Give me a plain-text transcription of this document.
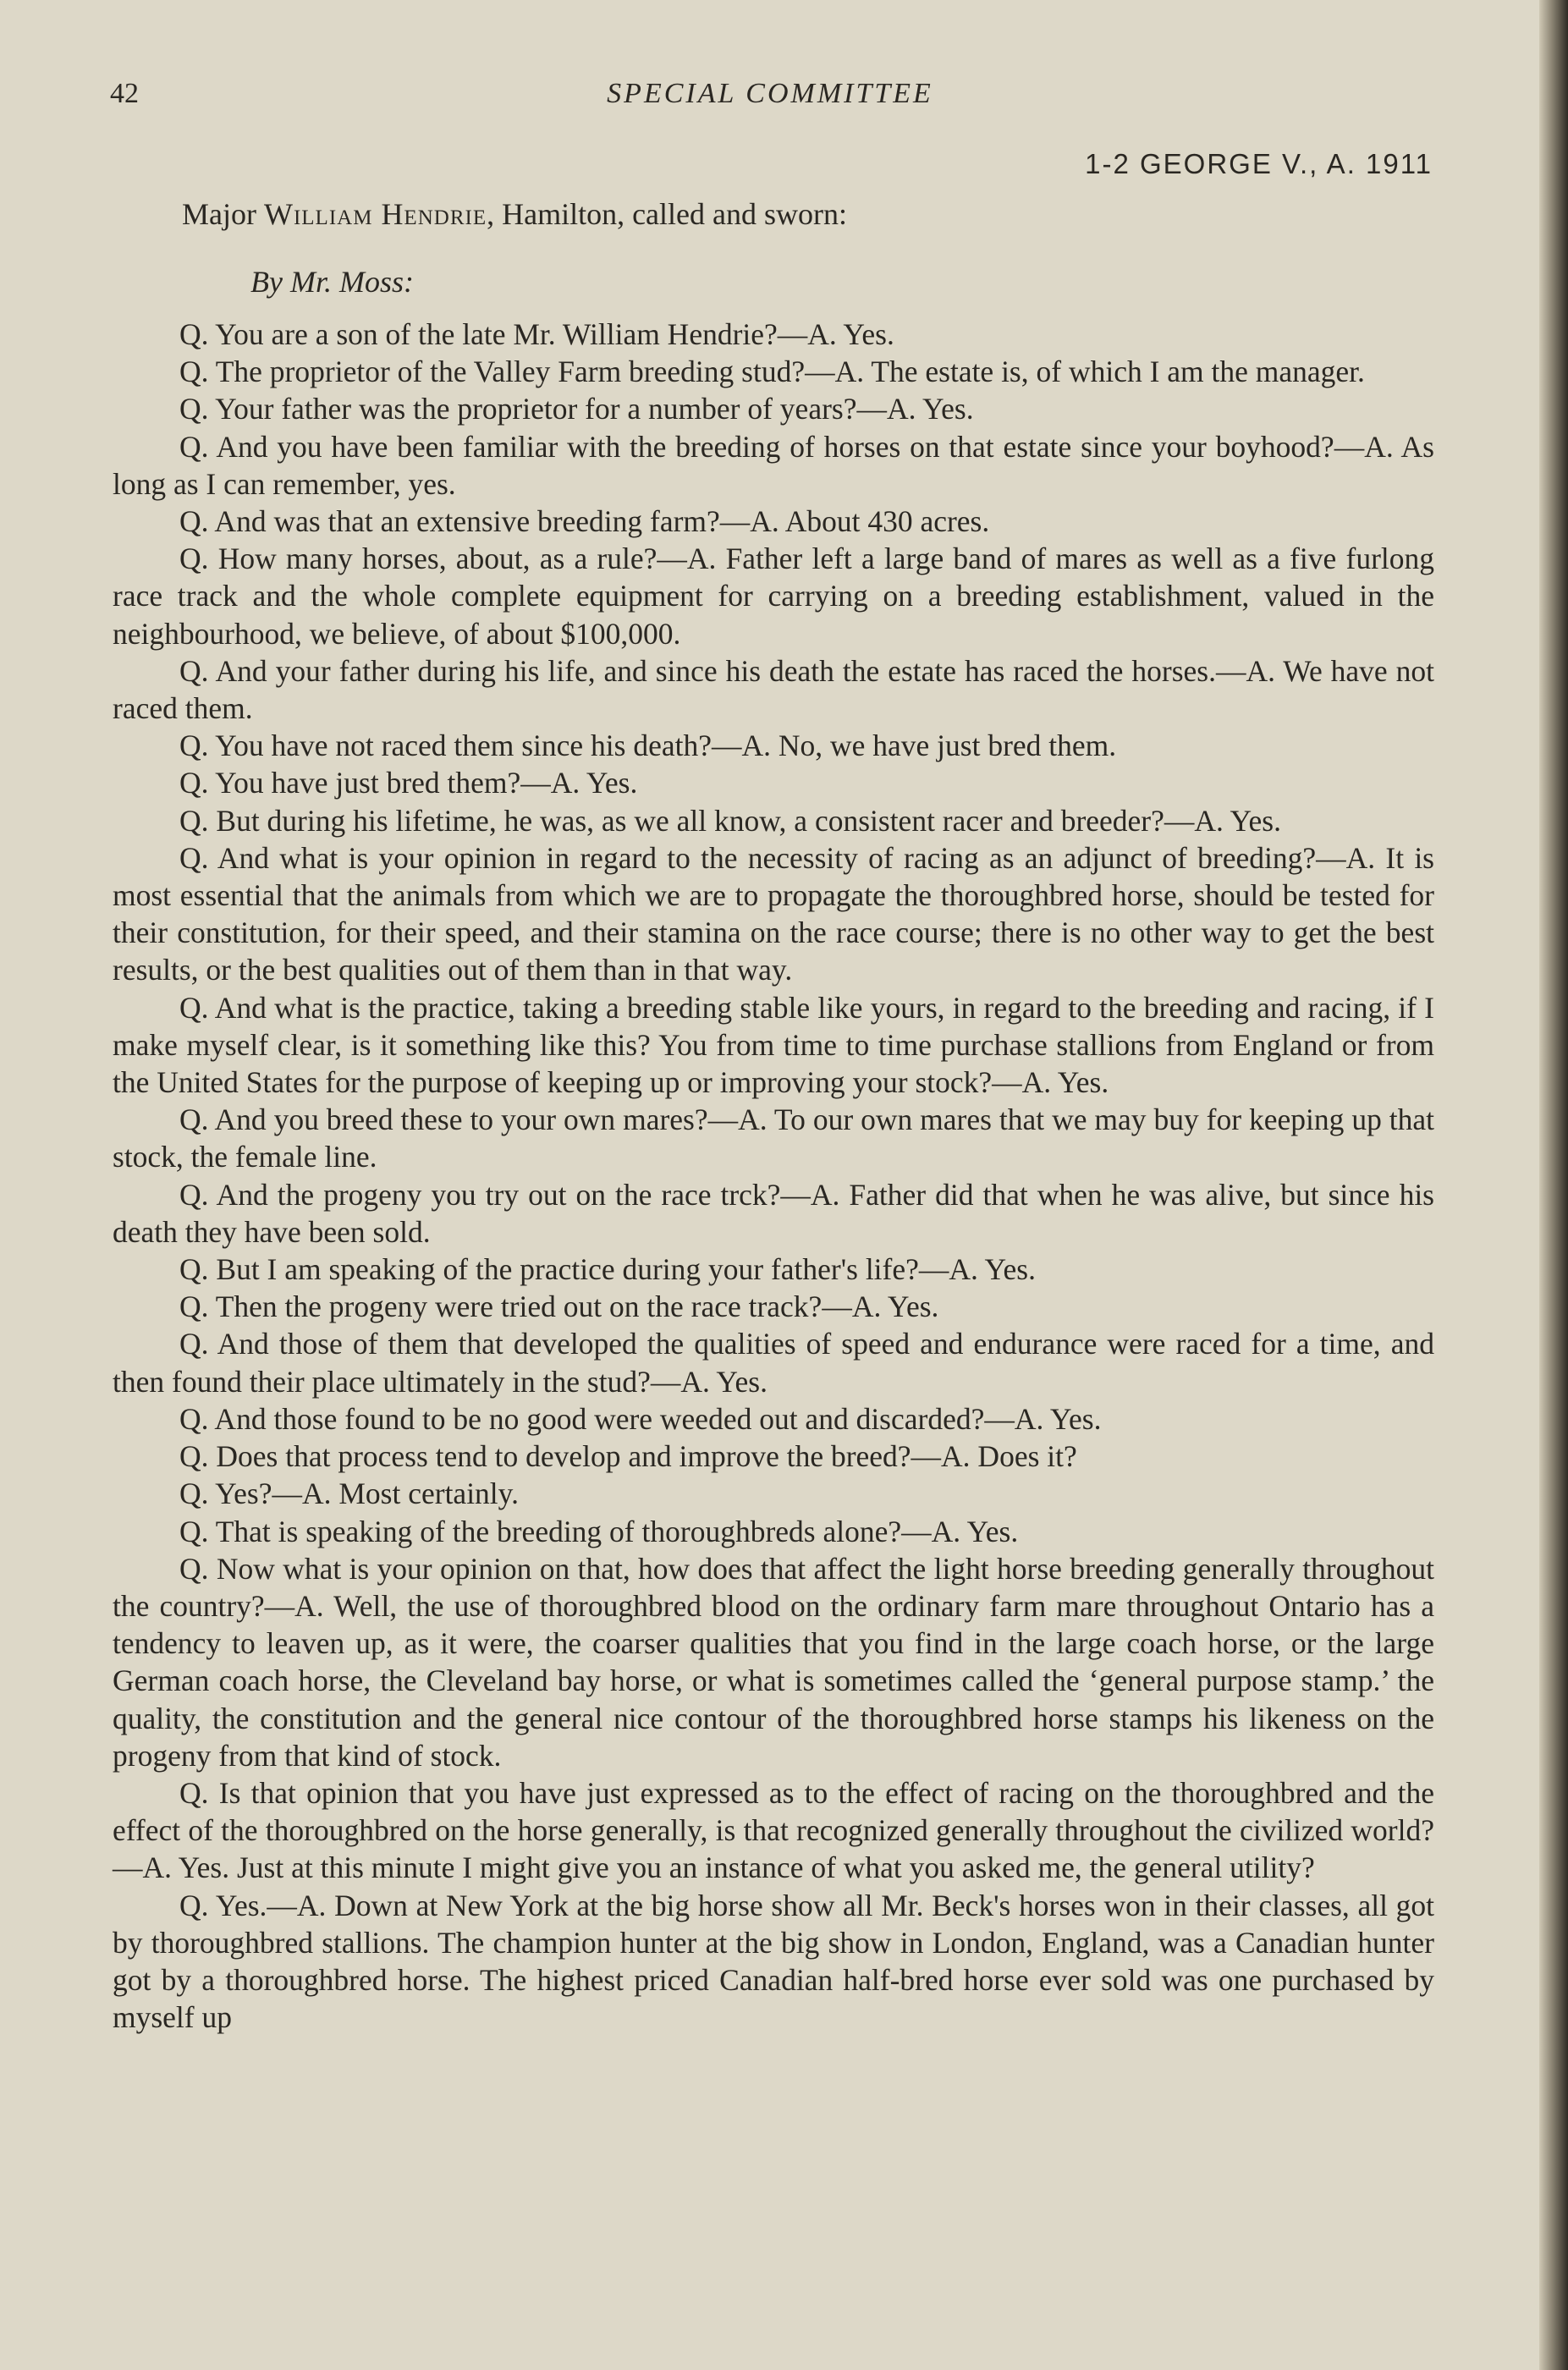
42	SPECIAL COMMITTEE
1-2 GEORGE V., A. 1911
Major William Hendrie, Hamilton, called and sworn:
By Mr. Moss:

Q. You are a son of the late Mr. William Hendrie?—A. Yes.

Q. The proprietor of the Valley Farm breeding stud?—A. The estate is, of which I am the manager.

Q. Your father was the proprietor for a number of years?—A. Yes.

Q. And you have been familiar with the breeding of horses on that estate since your boyhood?—A. As long as I can remember, yes.

Q. And was that an extensive breeding farm?—A. About 430 acres.

Q. How many horses, about, as a rule?—A. Father left a large band of mares as well as a five furlong race track and the whole complete equipment for carrying on a breeding establishment, valued in the neighbourhood, we believe, of about $100,000.

Q. And your father during his life, and since his death the estate has raced the horses.—A. We have not raced them.

Q. You have not raced them since his death?—A. No, we have just bred them.

Q. You have just bred them?—A. Yes.

Q. But during his lifetime, he was, as we all know, a consistent racer and breeder?—A. Yes.

Q. And what is your opinion in regard to the necessity of racing as an adjunct of breeding?—A. It is most essential that the animals from which we are to propagate the thoroughbred horse, should be tested for their constitution, for their speed, and their stamina on the race course; there is no other way to get the best results, or the best qualities out of them than in that way.

Q. And what is the practice, taking a breeding stable like yours, in regard to the breeding and racing, if I make myself clear, is it something like this? You from time to time purchase stallions from England or from the United States for the purpose of keeping up or improving your stock?—A. Yes.

Q. And you breed these to your own mares?—A. To our own mares that we may buy for keeping up that stock, the female line.

Q. And the progeny you try out on the race trck?—A. Father did that when he was alive, but since his death they have been sold.

Q. But I am speaking of the practice during your father's life?—A. Yes.

Q. Then the progeny were tried out on the race track?—A. Yes.

Q. And those of them that developed the qualities of speed and endurance were raced for a time, and then found their place ultimately in the stud?—A. Yes.

Q. And those found to be no good were weeded out and discarded?—A. Yes.

Q. Does that process tend to develop and improve the breed?—A. Does it?

Q. Yes?—A. Most certainly.

Q. That is speaking of the breeding of thoroughbreds alone?—A. Yes.

Q. Now what is your opinion on that, how does that affect the light horse breeding generally throughout the country?—A. Well, the use of thoroughbred blood on the ordinary farm mare throughout Ontario has a tendency to leaven up, as it were, the coarser qualities that you find in the large coach horse, or the large German coach horse, the Cleveland bay horse, or what is sometimes called the ‘general purpose stamp.’ the quality, the constitution and the general nice contour of the thoroughbred horse stamps his likeness on the progeny from that kind of stock.

Q. Is that opinion that you have just expressed as to the effect of racing on the thoroughbred and the effect of the thoroughbred on the horse generally, is that recognized generally throughout the civilized world?—A. Yes. Just at this minute I might give you an instance of what you asked me, the general utility?

Q. Yes.—A. Down at New York at the big horse show all Mr. Beck's horses won in their classes, all got by thoroughbred stallions. The champion hunter at the big show in London, England, was a Canadian hunter got by a thoroughbred horse. The highest priced Canadian half-bred horse ever sold was one purchased by myself up
